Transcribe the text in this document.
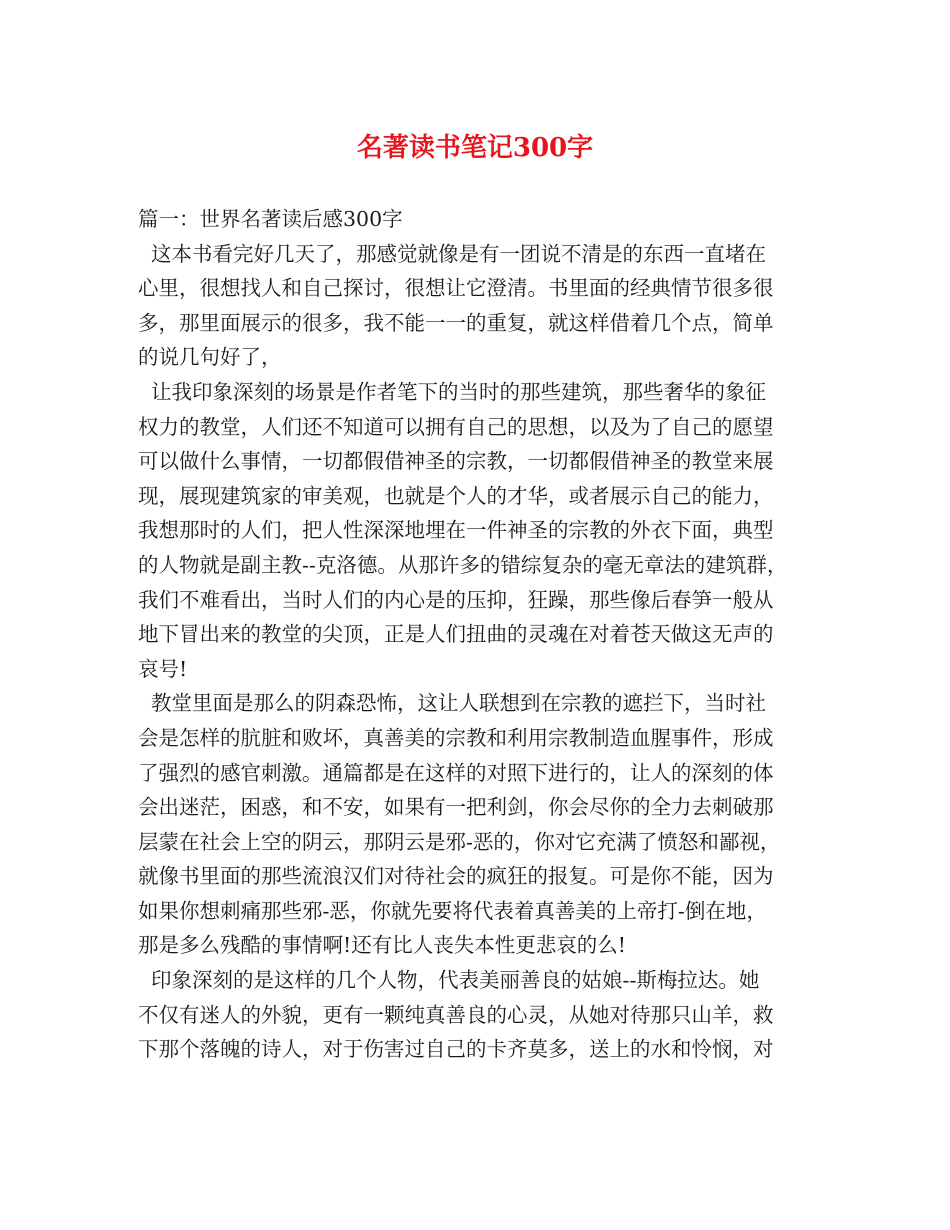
名著读书笔记300字
篇一：世界名著读后感300字
这本书看完好几天了，那感觉就像是有一团说不清是的东西一直堵在
心里，很想找人和自己探讨，很想让它澄清。书里面的经典情节很多很
多，那里面展示的很多，我不能一一的重复，就这样借着几个点，简单
的说几句好了，
让我印象深刻的场景是作者笔下的当时的那些建筑，那些奢华的象征
权力的教堂，人们还不知道可以拥有自己的思想，以及为了自己的愿望
可以做什么事情，一切都假借神圣的宗教，一切都假借神圣的教堂来展
现，展现建筑家的审美观，也就是个人的才华，或者展示自己的能力，
我想那时的人们，把人性深深地埋在一件神圣的宗教的外衣下面，典型
的人物就是副主教--克洛德。从那许多的错综复杂的毫无章法的建筑群，
我们不难看出，当时人们的内心是的压抑，狂躁，那些像后春笋一般从
地下冒出来的教堂的尖顶，正是人们扭曲的灵魂在对着苍天做这无声的
哀号!
教堂里面是那么的阴森恐怖，这让人联想到在宗教的遮拦下，当时社
会是怎样的肮脏和败坏，真善美的宗教和利用宗教制造血腥事件，形成
了强烈的感官刺激。通篇都是在这样的对照下进行的，让人的深刻的体
会出迷茫，困惑，和不安，如果有一把利剑，你会尽你的全力去刺破那
层蒙在社会上空的阴云，那阴云是邪-恶的，你对它充满了愤怒和鄙视，
就像书里面的那些流浪汉们对待社会的疯狂的报复。可是你不能，因为
如果你想刺痛那些邪-恶，你就先要将代表着真善美的上帝打-倒在地，
那是多么残酷的事情啊!还有比人丧失本性更悲哀的么!
印象深刻的是这样的几个人物，代表美丽善良的姑娘--斯梅拉达。她
不仅有迷人的外貌，更有一颗纯真善良的心灵，从她对待那只山羊，救
下那个落魄的诗人，对于伤害过自己的卡齐莫多，送上的水和怜悯，对
